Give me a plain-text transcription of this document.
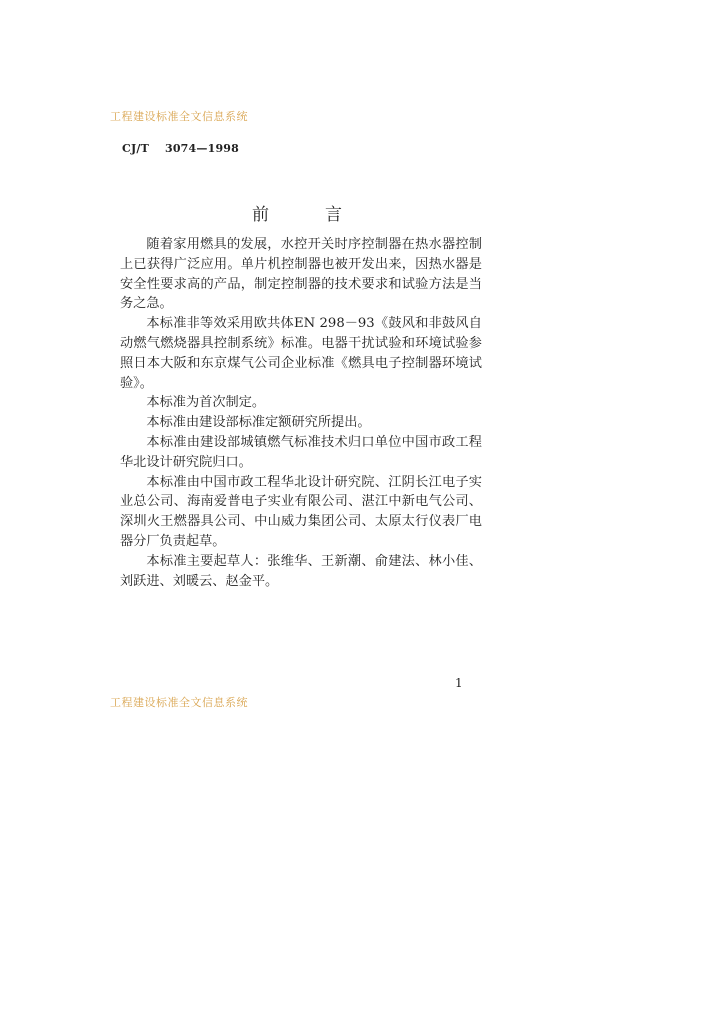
工程建设标准全文信息系统
CJ/T 3074—1998
前	言

随着家用燃具的发展，水控开关时序控制器在热水器控制上已获得广泛应用。单片机控制器也被开发出来，因热水器是安全性要求高的产品，制定控制器的技术要求和试验方法是当务之急。

本标准非等效采用欧共体EN 298－93《鼓风和非鼓风自动燃气燃烧器具控制系统》标准。电器干扰试验和环境试验参照日本大阪和东京煤气公司企业标准《燃具电子控制器环境试验》。

本标准为首次制定。

本标准由建设部标准定额研究所提出。

本标准由建设部城镇燃气标准技术归口单位中国市政工程华北设计研究院归口。

本标准由中国市政工程华北设计研究院、江阴长江电子实业总公司、海南爱普电子实业有限公司、湛江中新电气公司、深圳火王燃器具公司、中山威力集团公司、太原太行仪表厂电器分厂负责起草。

本标准主要起草人：张维华、王新潮、俞建法、林小佳、刘跃进、刘暖云、赵金平。

1
工程建设标准全文信息系统
